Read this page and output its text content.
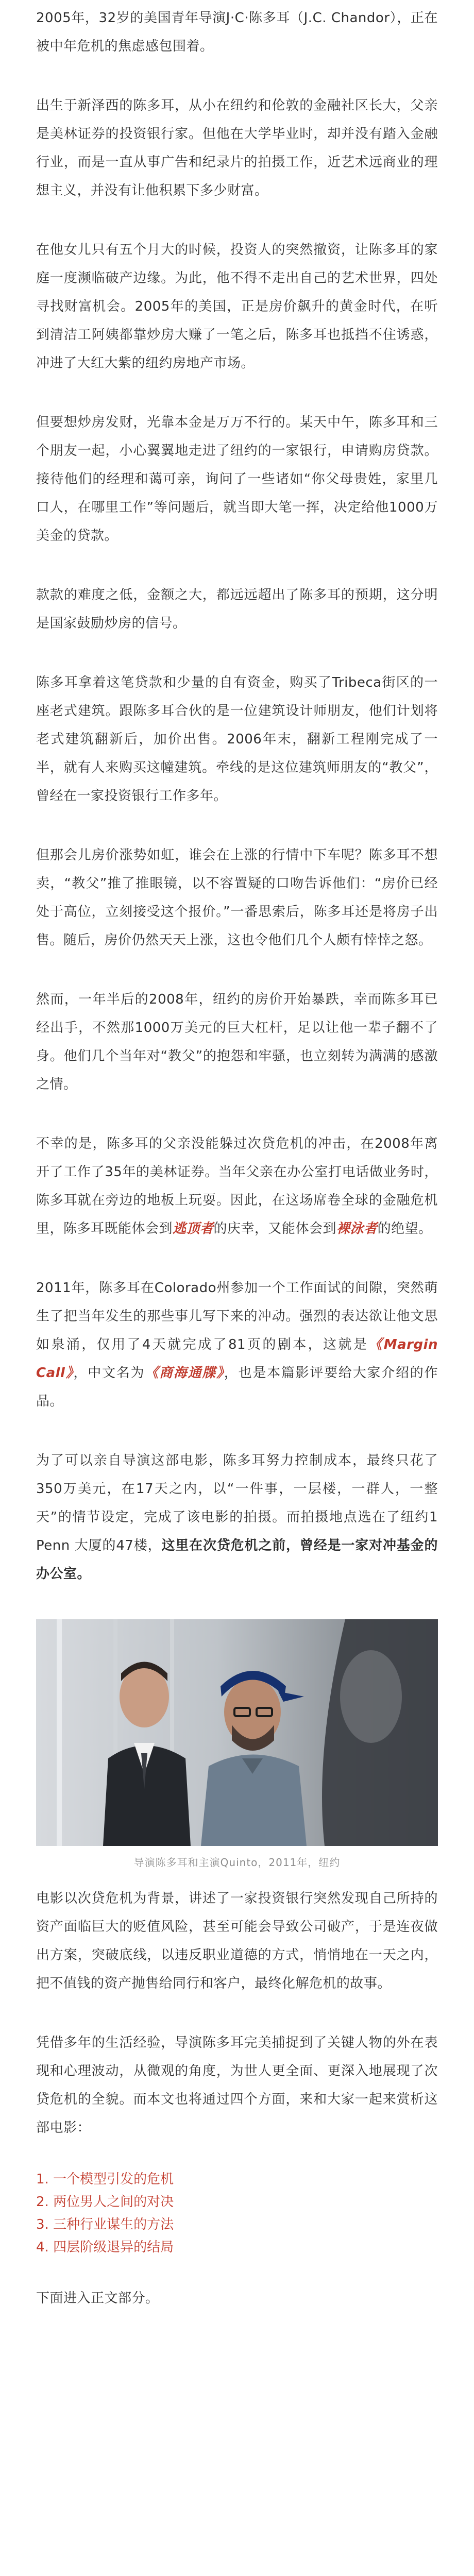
2005年，32岁的美国青年导演J·C·陈多耳（J.C. Chandor），正在被中年危机的焦虑感包围着。

出生于新泽西的陈多耳，从小在纽约和伦敦的金融社区长大，父亲是美林证券的投资银行家。但他在大学毕业时，却并没有踏入金融行业，而是一直从事广告和纪录片的拍摄工作，近艺术远商业的理想主义，并没有让他积累下多少财富。

在他女儿只有五个月大的时候，投资人的突然撤资，让陈多耳的家庭一度濒临破产边缘。为此，他不得不走出自己的艺术世界，四处寻找财富机会。2005年的美国，正是房价飙升的黄金时代，在听到清洁工阿姨都靠炒房大赚了一笔之后，陈多耳也抵挡不住诱惑，冲进了大红大紫的纽约房地产市场。

但要想炒房发财，光靠本金是万万不行的。某天中午，陈多耳和三个朋友一起，小心翼翼地走进了纽约的一家银行，申请购房贷款。接待他们的经理和蔼可亲，询问了一些诸如“你父母贵姓，家里几口人，在哪里工作”等问题后，就当即大笔一挥，决定给他1000万美金的贷款。

款款的难度之低，金额之大，都远远超出了陈多耳的预期，这分明是国家鼓励炒房的信号。

陈多耳拿着这笔贷款和少量的自有资金，购买了Tribeca街区的一座老式建筑。跟陈多耳合伙的是一位建筑设计师朋友，他们计划将老式建筑翻新后，加价出售。2006年末，翻新工程刚完成了一半，就有人来购买这幢建筑。牵线的是这位建筑师朋友的“教父”，曾经在一家投资银行工作多年。

但那会儿房价涨势如虹，谁会在上涨的行情中下车呢？陈多耳不想卖，“教父”推了推眼镜，以不容置疑的口吻告诉他们：“房价已经处于高位，立刻接受这个报价。”一番思索后，陈多耳还是将房子出售。随后，房价仍然天天上涨，这也令他们几个人颇有悻悻之怒。

然而，一年半后的2008年，纽约的房价开始暴跌，幸而陈多耳已经出手，不然那1000万美元的巨大杠杆，足以让他一辈子翻不了身。他们几个当年对“教父”的抱怨和牢骚，也立刻转为满满的感激之情。

不幸的是，陈多耳的父亲没能躲过次贷危机的冲击，在2008年离开了工作了35年的美林证券。当年父亲在办公室打电话做业务时，陈多耳就在旁边的地板上玩耍。因此，在这场席卷全球的金融危机里，陈多耳既能体会到逃顶者的庆幸，又能体会到裸泳者的绝望。

2011年，陈多耳在Colorado州参加一个工作面试的间隙，突然萌生了把当年发生的那些事儿写下来的冲动。强烈的表达欲让他文思如泉涌，仅用了4天就完成了81页的剧本，这就是《Margin Call》，中文名为《商海通牒》，也是本篇影评要给大家介绍的作品。

为了可以亲自导演这部电影，陈多耳努力控制成本，最终只花了350万美元，在17天之内，以“一件事，一层楼，一群人，一整天”的情节设定，完成了该电影的拍摄。而拍摄地点选在了纽约1 Penn 大厦的47楼，这里在次贷危机之前，曾经是一家对冲基金的办公室。

导演陈多耳和主演Quinto，2011年，纽约

电影以次贷危机为背景，讲述了一家投资银行突然发现自己所持的资产面临巨大的贬值风险，甚至可能会导致公司破产，于是连夜做出方案，突破底线，以违反职业道德的方式，悄悄地在一天之内，把不值钱的资产抛售给同行和客户，最终化解危机的故事。

凭借多年的生活经验，导演陈多耳完美捕捉到了关键人物的外在表现和心理波动，从微观的角度，为世人更全面、更深入地展现了次贷危机的全貌。而本文也将通过四个方面，来和大家一起来赏析这部电影：

1. 一个模型引发的危机
2. 两位男人之间的对决
3. 三种行业谋生的方法
4. 四层阶级退异的结局

下面进入正文部分。
